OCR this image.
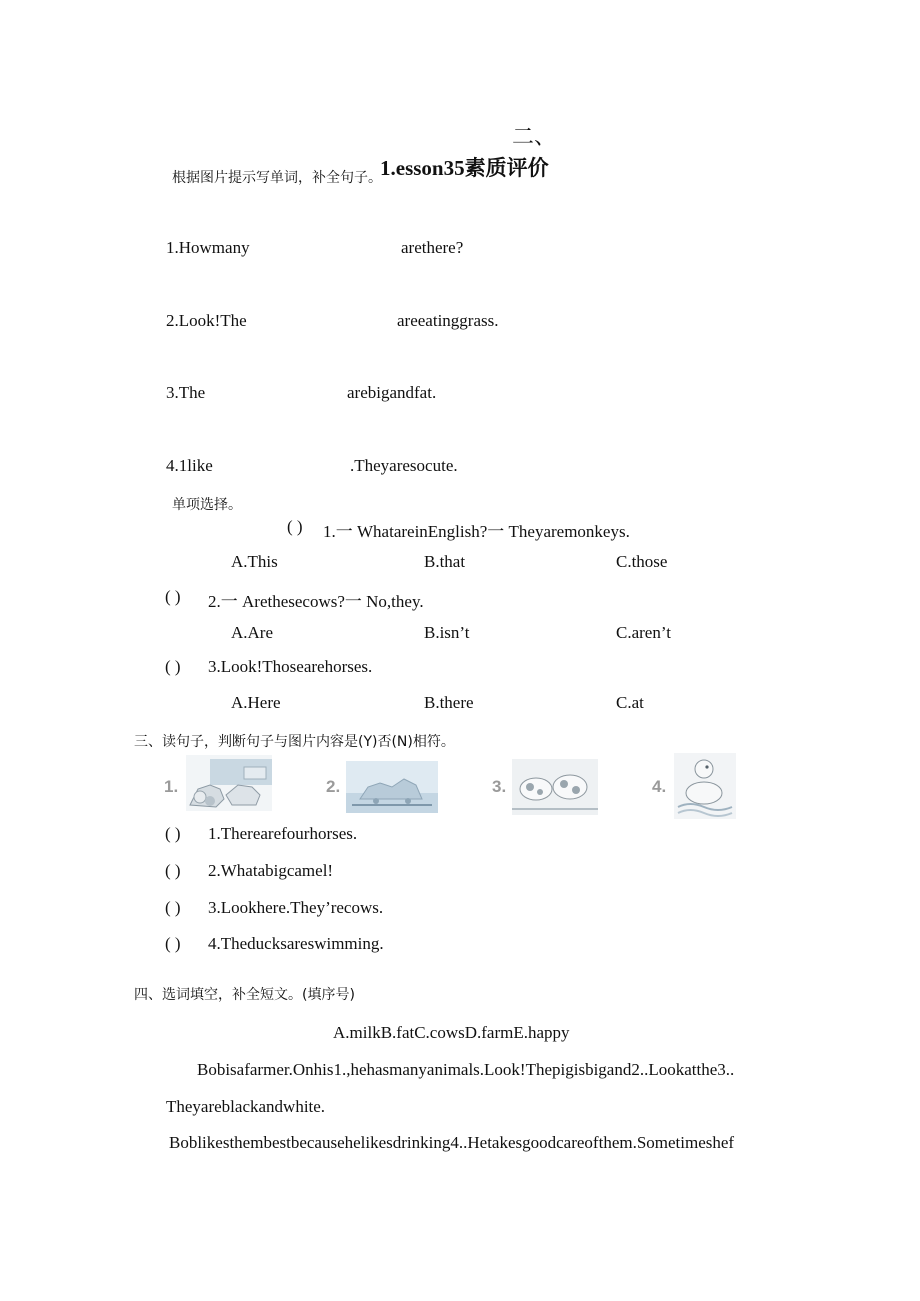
二、
1.esson35素质评价
根据图片提示写单词，补全句子。
1.Howmany	arethere?
2.Look!The	areeatinggrass.
3.The	arebigandfat.
4.1like	.Theyaresocute.
单项选择。
( ) 1.一 WhatareinEnglish?一 Theyaremonkeys.
A.This	B.that	C.those
( ) 2.一 Arethesecows?一 No,they.
A.Are	B.isn’t	C.aren’t
( ) 3.Look!Thosearehorses.
A.Here	B.there	C.at
三、读句子，判断句子与图片内容是(Y)否(N)相符。
1.	2.	3.	4.
( ) 1.Therearefourhorses.
( ) 2.Whatabigcamel!
( ) 3.Lookhere.They’recows.
( ) 4.Theducksareswimming.
四、选词填空，补全短文。(填序号)
A.milkB.fatC.cowsD.farmE.happy
Bobisafarmer.Onhis1.,hehasmanyanimals.Look!Thepigisbigand2..Lookatthe3..
Theyareblackandwhite.
Boblikesthembestbecausehelikesdrinking4..Hetakesgoodcareofthem.Sometimeshef
